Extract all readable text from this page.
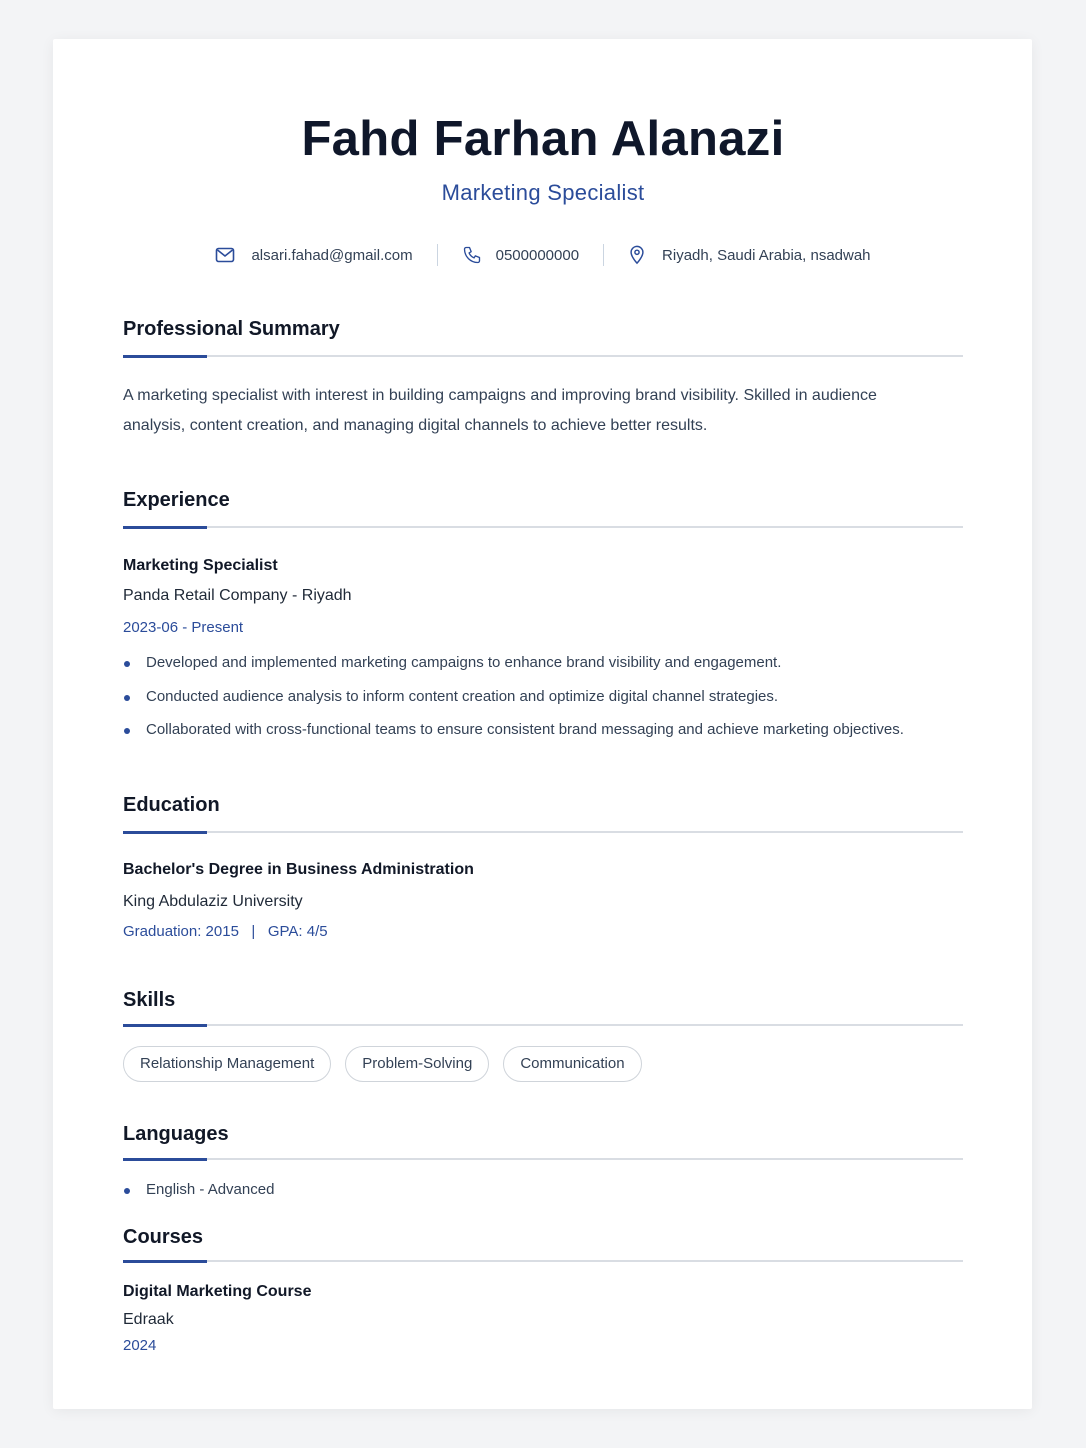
Fahd Farhan Alanazi
Marketing Specialist
alsari.fahad@gmail.com	0500000000	Riyadh, Saudi Arabia, nsadwah
Professional Summary
A marketing specialist with interest in building campaigns and improving brand visibility. Skilled in audience analysis, content creation, and managing digital channels to achieve better results.
Experience
Marketing Specialist
Panda Retail Company - Riyadh
2023-06 - Present
Developed and implemented marketing campaigns to enhance brand visibility and engagement.
Conducted audience analysis to inform content creation and optimize digital channel strategies.
Collaborated with cross-functional teams to ensure consistent brand messaging and achieve marketing objectives.
Education
Bachelor's Degree in Business Administration
King Abdulaziz University
Graduation: 2015   |   GPA: 4/5
Skills
Relationship Management	Problem-Solving	Communication
Languages
English - Advanced
Courses
Digital Marketing Course
Edraak
2024
